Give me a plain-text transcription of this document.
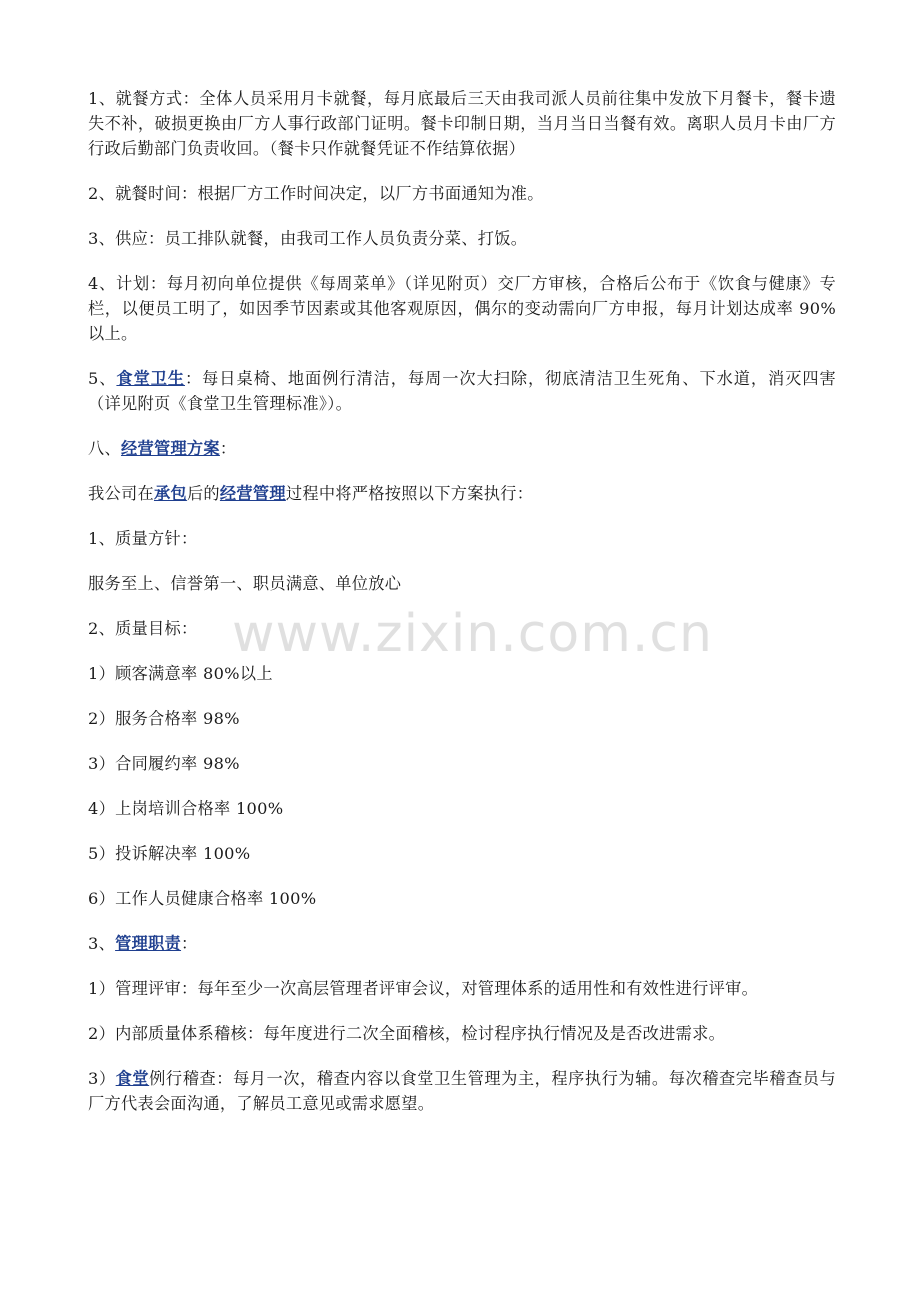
1、就餐方式：全体人员采用月卡就餐，每月底最后三天由我司派人员前往集中发放下月餐卡，餐卡遗失不补，破损更换由厂方人事行政部门证明。餐卡印制日期，当月当日当餐有效。离职人员月卡由厂方行政后勤部门负责收回。（餐卡只作就餐凭证不作结算依据）

2、就餐时间：根据厂方工作时间决定，以厂方书面通知为准。

3、供应：员工排队就餐，由我司工作人员负责分菜、打饭。

4、计划：每月初向单位提供《每周菜单》（详见附页）交厂方审核，合格后公布于《饮食与健康》专栏，以便员工明了，如因季节因素或其他客观原因，偶尔的变动需向厂方申报，每月计划达成率 90%以上。

5、食堂卫生：每日桌椅、地面例行清洁，每周一次大扫除，彻底清洁卫生死角、下水道，消灭四害（详见附页《食堂卫生管理标准》）。

八、经营管理方案：

我公司在承包后的经营管理过程中将严格按照以下方案执行：

1、质量方针：

服务至上、信誉第一、职员满意、单位放心

2、质量目标：

1）顾客满意率 80%以上

2）服务合格率 98%

3）合同履约率 98%

4）上岗培训合格率 100%

5）投诉解决率 100%

6）工作人员健康合格率 100%

3、管理职责：

1）管理评审：每年至少一次高层管理者评审会议，对管理体系的适用性和有效性进行评审。

2）内部质量体系稽核：每年度进行二次全面稽核，检讨程序执行情况及是否改进需求。

3）食堂例行稽查：每月一次，稽查内容以食堂卫生管理为主，程序执行为辅。每次稽查完毕稽查员与厂方代表会面沟通，了解员工意见或需求愿望。

www.zixin.com.cn
